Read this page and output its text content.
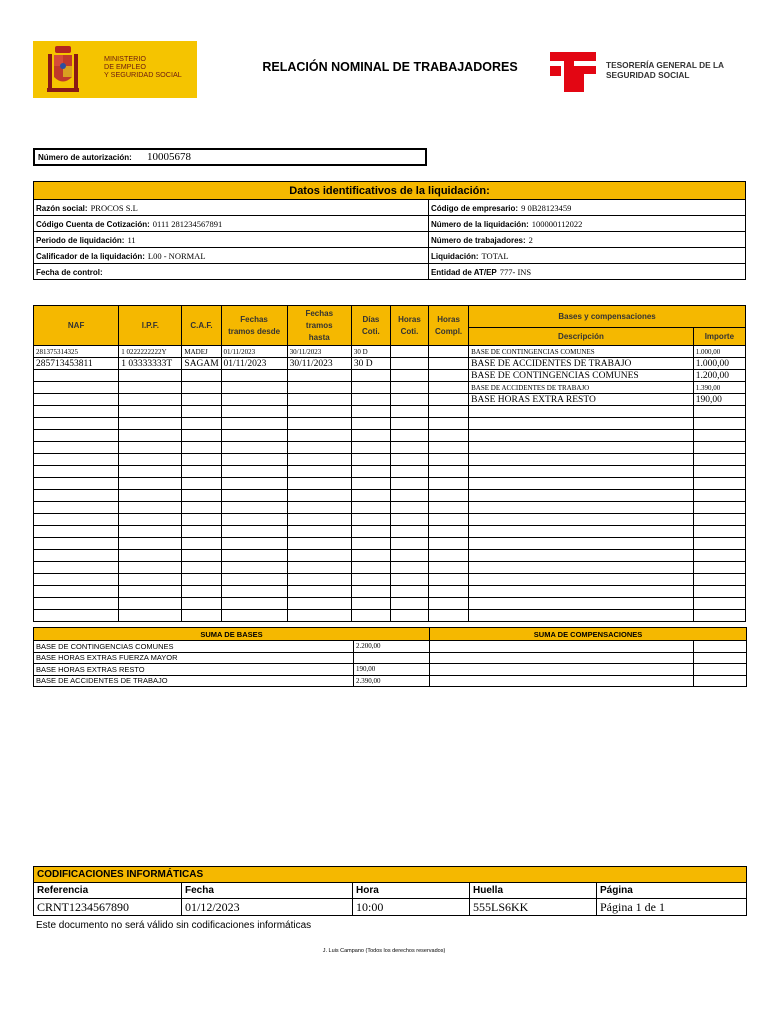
MINISTERIO
DE EMPLEO
Y SEGURIDAD SOCIAL
RELACIÓN NOMINAL DE TRABAJADORES	TESORERÍA GENERAL DE LA
SEGURIDAD SOCIAL
Número de autorización: 10005678
Datos identificativos de la liquidación:	
Razón social: PROCOS S.L	Código de empresario: 9 0B28123459
Código Cuenta de Cotización: 0111 281234567891	Número de la liquidación: 100000112022
Periodo de liquidación: 11	Número de trabajadores: 2
Calificador de la liquidación: L00 - NORMAL	Liquidación: TOTAL
Fecha de control:	Entidad de AT/EP 777- INS
NAF	I.P.F.	C.A.F.	Fechas tramos desde	Fechas tramos hasta	Días Coti.	Horas Coti.	Horas Compl.	Bases y compensaciones	
								Descripción	Importe
281375314325	1 0222222222Y	MADEJ	01/11/2023	30/11/2023	30 D			BASE DE CONTINGENCIAS COMUNES	1.000,00
285713453811	1 03333333T	SAGAM	01/11/2023	30/11/2023	30 D			BASE DE ACCIDENTES DE TRABAJO	1.000,00
								BASE DE CONTINGENCIAS COMUNES	1.200,00
								BASE DE ACCIDENTES DE TRABAJO	1.390,00
								BASE HORAS EXTRA RESTO	190,00

SUMA DE BASES		SUMA DE COMPENSACIONES	
BASE DE CONTINGENCIAS COMUNES	2.200,00		
BASE HORAS EXTRAS FUERZA MAYOR			
BASE HORAS EXTRAS RESTO	190,00		
BASE DE ACCIDENTES DE TRABAJO	2.390,00		
CODIFICACIONES INFORMÁTICAS				
Referencia	Fecha	Hora	Huella	Página
CRNT1234567890	01/12/2023	10:00	555LS6KK	Página 1 de 1
Este documento no será válido sin codificaciones informáticas
J. Luis Campano (Todos los derechos reservados)
